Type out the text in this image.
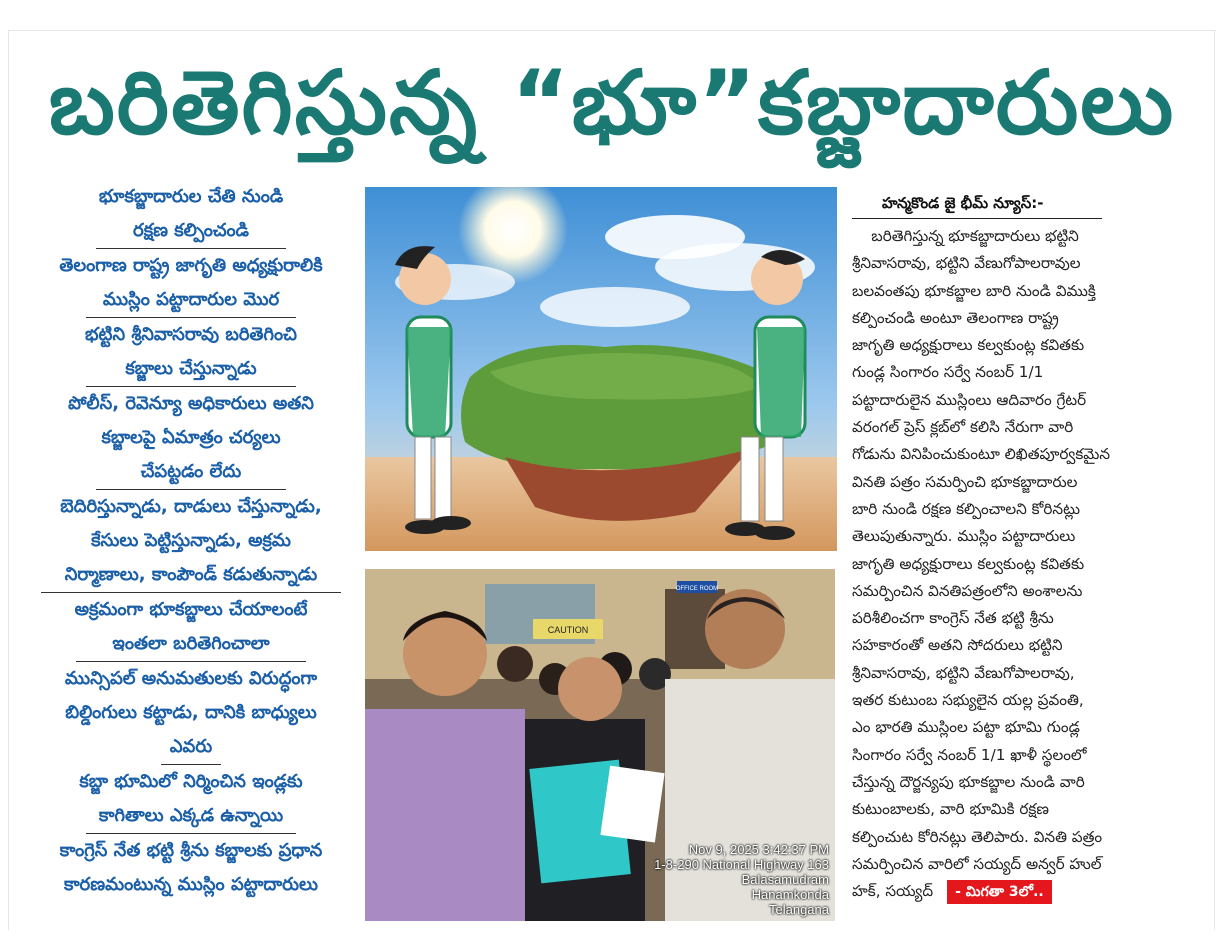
బరితెగిస్తున్న “భూ”కబ్జాదారులు
భూకబ్జాదారుల చేతి నుండి
రక్షణ కల్పించండి
తెలంగాణ రాష్ట్ర జాగృతి అధ్యక్షురాలికి
ముస్లిం పట్టాదారుల మొర
భట్టిని శ్రీనివాసరావు బరితెగించి
కబ్జాలు చేస్తున్నాడు
పోలీస్, రెవెన్యూ అధికారులు అతని
కబ్జాలపై ఏమాత్రం చర్యలు
చేపట్టడం లేదు
బెదిరిస్తున్నాడు, దాడులు చేస్తున్నాడు,
కేసులు పెట్టిస్తున్నాడు, అక్రమ
నిర్మాణాలు, కాంపౌండ్ కడుతున్నాడు
అక్రమంగా భూకబ్జాలు చేయాలంటే
ఇంతలా బరితెగించాలా
మున్సిపల్ అనుమతులకు విరుద్ధంగా
బిల్డింగులు కట్టాడు, దానికి బాధ్యులు
ఎవరు
కబ్జా భూమిలో నిర్మించిన ఇండ్లకు
కాగితాలు ఎక్కడ ఉన్నాయి
కాంగ్రెస్ నేత భట్టి శ్రీను కబ్జాలకు ప్రధాన
కారణమంటున్న ముస్లిం పట్టాదారులు
CAUTION
OFFICE ROOM
Nov 9, 2025 3:42:37 PM
1-8-290 National Highway 163
Balasamudram
Hanamkonda
Telangana
హన్మకొండ జై భీమ్ న్యూస్:-
బరితెగిస్తున్న భూకబ్జాదారులు భట్టిని
శ్రీనివాసరావు, భట్టిని వేణుగోపాలరావుల
బలవంతపు భూకబ్జాల బారి నుండి విముక్తి
కల్పించండి అంటూ తెలంగాణ రాష్ట్ర
జాగృతి అధ్యక్షురాలు కల్వకుంట్ల కవితకు
గుండ్ల సింగారం సర్వే నంబర్ 1/1
పట్టాదారులైన ముస్లింలు ఆదివారం గ్రేటర్
వరంగల్ ప్రెస్ క్లబ్‌లో కలిసి నేరుగా వారి
గోడును వినిపించుకుంటూ లిఖితపూర్వకమైన
వినతి పత్రం సమర్పించి భూకబ్జాదారుల
బారి నుండి రక్షణ కల్పించాలని కోరినట్లు
తెలుపుతున్నారు. ముస్లిం పట్టాదారులు
జాగృతి అధ్యక్షురాలు కల్వకుంట్ల కవితకు
సమర్పించిన వినతిపత్రంలోని అంశాలను
పరిశీలించగా కాంగ్రెస్ నేత భట్టి శ్రీను
సహకారంతో అతని సోదరులు భట్టిని
శ్రీనివాసరావు, భట్టిని వేణుగోపాలరావు,
ఇతర కుటుంబ సభ్యులైన యల్ల ప్రవంతి,
ఎం భారతి ముస్లింల పట్టా భూమి గుండ్ల
సింగారం సర్వే నంబర్ 1/1 ఖాళీ స్థలంలో
చేస్తున్న దౌర్జన్యపు భూకబ్జాల నుండి వారి
కుటుంబాలకు, వారి భూమికి రక్షణ
కల్పించుట కోరినట్లు తెలిపారు. వినతి పత్రం
సమర్పించిన వారిలో సయ్యద్ అన్వర్ హుల్
హక్, సయ్యద్ - మిగతా 3లో..
